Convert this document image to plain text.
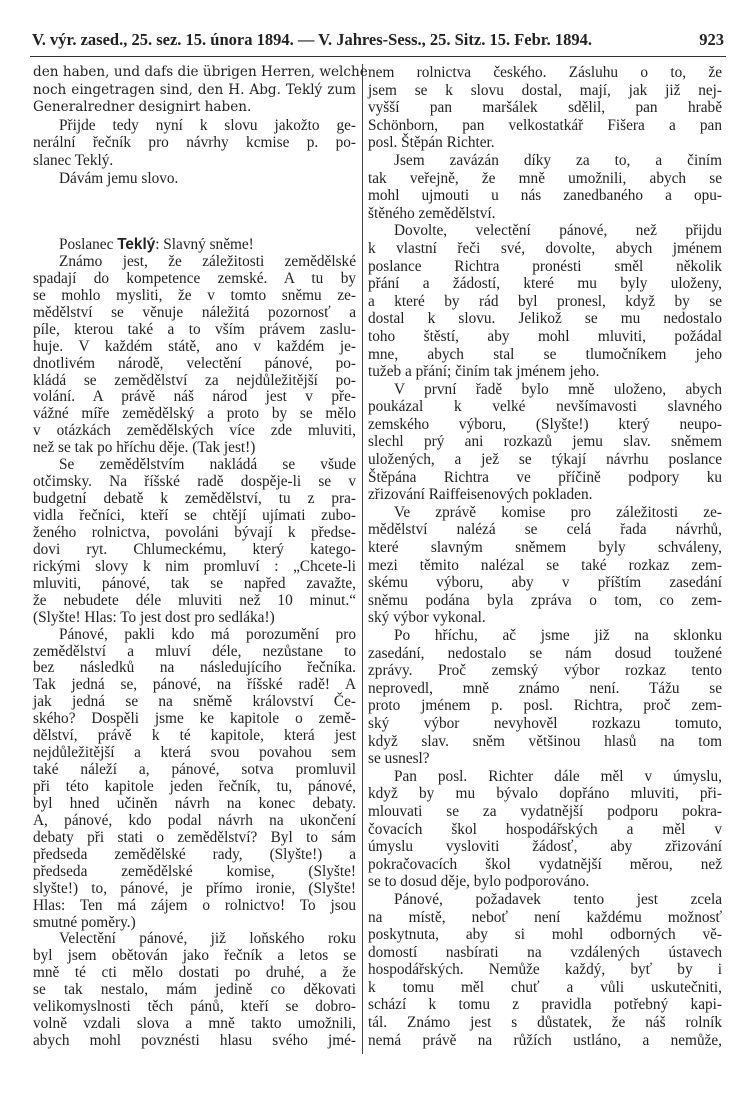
V. výr. zased., 25. sez. 15. února 1894. — V. Jahres-Sess., 25. Sitz. 15. Febr. 1894.	923
den haben, und dafs die übrigen Herren, welche
noch eingetragen sind, den H. Abg. Teklý zum
Generalredner designirt haben.
Přijde tedy nyní k slovu jakožto ge-
nerální řečník pro návrhy kcmise p. po-
slanec Teklý.
Dávám jemu slovo.
Poslanec Teklý: Slavný sněme!
Známo jest, že záležitosti zemědělské
spadají do kompetence zemské. A tu by
se mohlo mysliti, že v tomto sněmu ze-
mědělství se věnuje náležitá pozornosť a
píle, kterou také a to vším právem zaslu-
huje. V každém státě, ano v každém je-
dnotlivém národě, velectění pánové, po-
kládá se zemědělství za nejdůležitější po-
volání. A právě náš národ jest v pře-
vážné míře zemědělský a proto by se mělo
v otázkách zemědělských více zde mluviti,
než se tak po hříchu děje. (Tak jest!)
Se zemědělstvím nakládá se všude
otčimsky. Na říšské radě dospěje-li se v
budgetní debatě k zemědělství, tu z pra-
vidla řečníci, kteří se chtějí ujímati zubo-
ženého rolnictva, povoláni bývají k předse-
dovi ryt. Chlumeckému, který katego-
rickými slovy k nim promluví : „Chcete-li
mluviti, pánové, tak se napřed zavažte,
že nebudete déle mluviti než 10 minut.“
(Slyšte! Hlas: To jest dost pro sedláka!)
Pánové, pakli kdo má porozumění pro
zemědělství a mluví déle, nezůstane to
bez následků na následujícího řečníka.
Tak jedná se, pánové, na říšské radě! A
jak jedná se na sněmě království Če-
ského? Dospěli jsme ke kapitole o země-
dělství, právě k té kapitole, která jest
nejdůležitější a která svou povahou sem
také náleží a, pánové, sotva promluvil
při této kapitole jeden řečník, tu, pánové,
byl hned učiněn návrh na konec debaty.
A, pánové, kdo podal návrh na ukončení
debaty při stati o zemědělství? Byl to sám
předseda zemědělské rady, (Slyšte!) a
předseda zemědělské komise, (Slyšte!
slyšte!) to, pánové, je přímo ironie, (Slyšte!
Hlas: Ten má zájem o rolnictvo! To jsou
smutné poměry.)
Velectění pánové, již loňského roku
byl jsem obětován jako řečník a letos se
mně té cti mělo dostati po druhé, a že
se tak nestalo, mám jedině co děkovati
velikomyslnosti těch pánů, kteří se dobro-
volně vzdali slova a mně takto umožnili,
abych mohl povznésti hlasu svého jmé-
nem rolnictva českého. Zásluhu o to, že
jsem se k slovu dostal, mají, jak již nej-
vyšší pan maršálek sdělil, pan hrabě
Schönborn, pan velkostatkář Fišera a pan
posl. Štěpán Richter.
Jsem zavázán díky za to, a činím
tak veřejně, že mně umožnili, abych se
mohl ujmouti u nás zanedbaného a opu-
štěného zemědělství.
Dovolte, velectění pánové, než přijdu
k vlastní řeči své, dovolte, abych jménem
poslance Richtra pronésti směl několik
přání a žádostí, které mu byly uloženy,
a které by rád byl pronesl, když by se
dostal k slovu. Jelikož se mu nedostalo
toho štěstí, aby mohl mluviti, požádal
mne, abych stal se tlumočníkem jeho
tužeb a přání; činím tak jménem jeho.
V první řadě bylo mně uloženo, abych
poukázal k velké nevšímavosti slavného
zemského výboru, (Slyšte!) který neupo-
slechl prý ani rozkazů jemu slav. sněmem
uložených, a jež se týkají návrhu poslance
Štěpána Richtra ve příčině podpory ku
zřizování Raiffeisenových pokladen.
Ve zprávě komise pro záležitosti ze-
mědělství nalézá se celá řada návrhů,
které slavným sněmem byly schváleny,
mezi těmito nalézal se také rozkaz zem-
skému výboru, aby v příštím zasedání
sněmu podána byla zpráva o tom, co zem-
ský výbor vykonal.
Po hříchu, ač jsme již na sklonku
zasedání, nedostalo se nám dosud toužené
zprávy. Proč zemský výbor rozkaz tento
neprovedl, mně známo není. Tážu se
proto jménem p. posl. Richtra, proč zem-
ský výbor nevyhověl rozkazu tomuto,
když slav. sněm většinou hlasů na tom
se usnesl?
Pan posl. Richter dále měl v úmyslu,
když by mu bývalo dopřáno mluviti, při-
mlouvati se za vydatnější podporu pokra-
čovacích škol hospodářských a měl v
úmyslu vysloviti žádosť, aby zřizování
pokračovacích škol vydatnější měrou, než
se to dosud děje, bylo podporováno.
Pánové, požadavek tento jest zcela
na místě, neboť není každému možnosť
poskytnuta, aby si mohl odborných vě-
domostí nasbírati na vzdálených ústavech
hospodářských. Nemůže každý, byť by i
k tomu měl chuť a vůli uskutečniti,
schází k tomu z pravidla potřebný kapi-
tál. Známo jest s důstatek, že náš rolník
nemá právě na růžích ustláno, a nemůže,
